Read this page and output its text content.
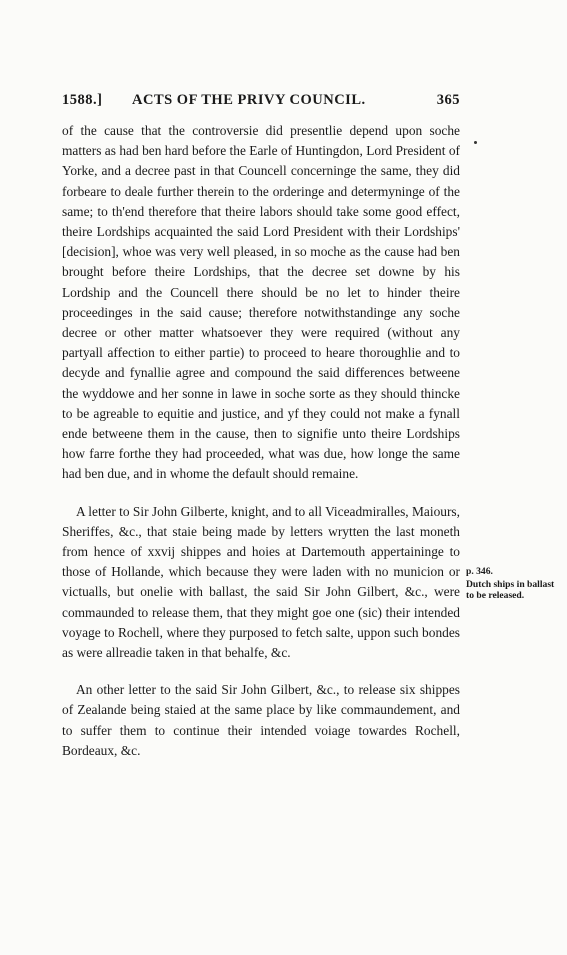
1588.] ACTS OF THE PRIVY COUNCIL.	365

of the cause that the controversie did presentlie depend upon soche matters as had ben hard before the Earle of Huntingdon, Lord President of Yorke, and a decree past in that Councell concerninge the same, they did forbeare to deale further therein to the orderinge and determyninge of the same; to th'end therefore that theire labors should take some good effect, theire Lordships acquainted the said Lord President with their Lordships' [decision], whoe was very well pleased, in so moche as the cause had ben brought before theire Lordships, that the decree set downe by his Lordship and the Councell there should be no let to hinder theire proceedinges in the said cause; therefore notwithstandinge any soche decree or other matter whatsoever they were required (without any partyall affection to either partie) to proceed to heare thoroughlie and to decyde and fynallie agree and compound the said differences betweene the wyddowe and her sonne in lawe in soche sorte as they should thincke to be agreable to equitie and justice, and yf they could not make a fynall ende betweene them in the cause, then to signifie unto theire Lordships how farre forthe they had proceeded, what was due, how longe the same had ben due, and in whome the default should remaine.

A letter to Sir John Gilberte, knight, and to all Viceadmiralles, Maiours, Sheriffes, &c., that staie being made by letters wrytten the last moneth from hence of xxvij shippes and hoies at Dartemouth appertaininge to those of Hollande, which because they were laden with no municion or victualls, but onelie with ballast, the said Sir John Gilbert, &c., were commaunded to release them, that they might goe one (sic) their intended voyage to Rochell, where they purposed to fetch salte, uppon such bondes as were allreadie taken in that behalfe, &c.

An other letter to the said Sir John Gilbert, &c., to release six shippes of Zealande being staied at the same place by like commaundement, and to suffer them to continue their intended voiage towardes Rochell, Bordeaux, &c.

p. 346.
Dutch ships in ballast to be released.
